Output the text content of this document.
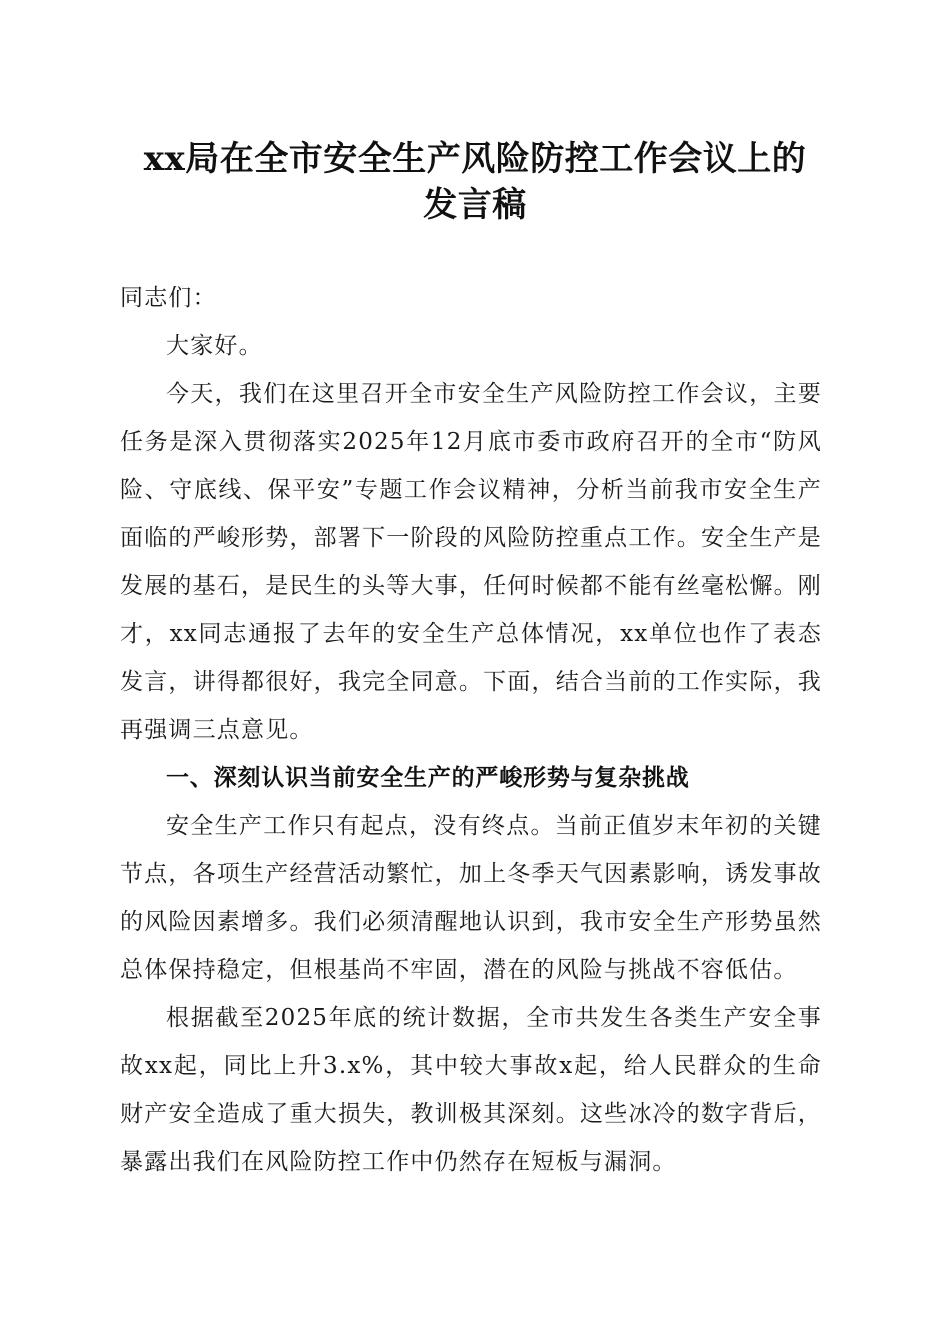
xx局在全市安全生产风险防控工作会议上的
发言稿

同志们：

大家好。

今天，我们在这里召开全市安全生产风险防控工作会议，主要任务是深入贯彻落实2025年12月底市委市政府召开的全市“防风险、守底线、保平安”专题工作会议精神，分析当前我市安全生产面临的严峻形势，部署下一阶段的风险防控重点工作。安全生产是发展的基石，是民生的头等大事，任何时候都不能有丝毫松懈。刚才，xx同志通报了去年的安全生产总体情况，xx单位也作了表态发言，讲得都很好，我完全同意。下面，结合当前的工作实际，我再强调三点意见。

一、深刻认识当前安全生产的严峻形势与复杂挑战

安全生产工作只有起点，没有终点。当前正值岁末年初的关键节点，各项生产经营活动繁忙，加上冬季天气因素影响，诱发事故的风险因素增多。我们必须清醒地认识到，我市安全生产形势虽然总体保持稳定，但根基尚不牢固，潜在的风险与挑战不容低估。

根据截至2025年底的统计数据，全市共发生各类生产安全事故xx起，同比上升3.x%，其中较大事故x起，给人民群众的生命财产安全造成了重大损失，教训极其深刻。这些冰冷的数字背后，暴露出我们在风险防控工作中仍然存在短板与漏洞。
